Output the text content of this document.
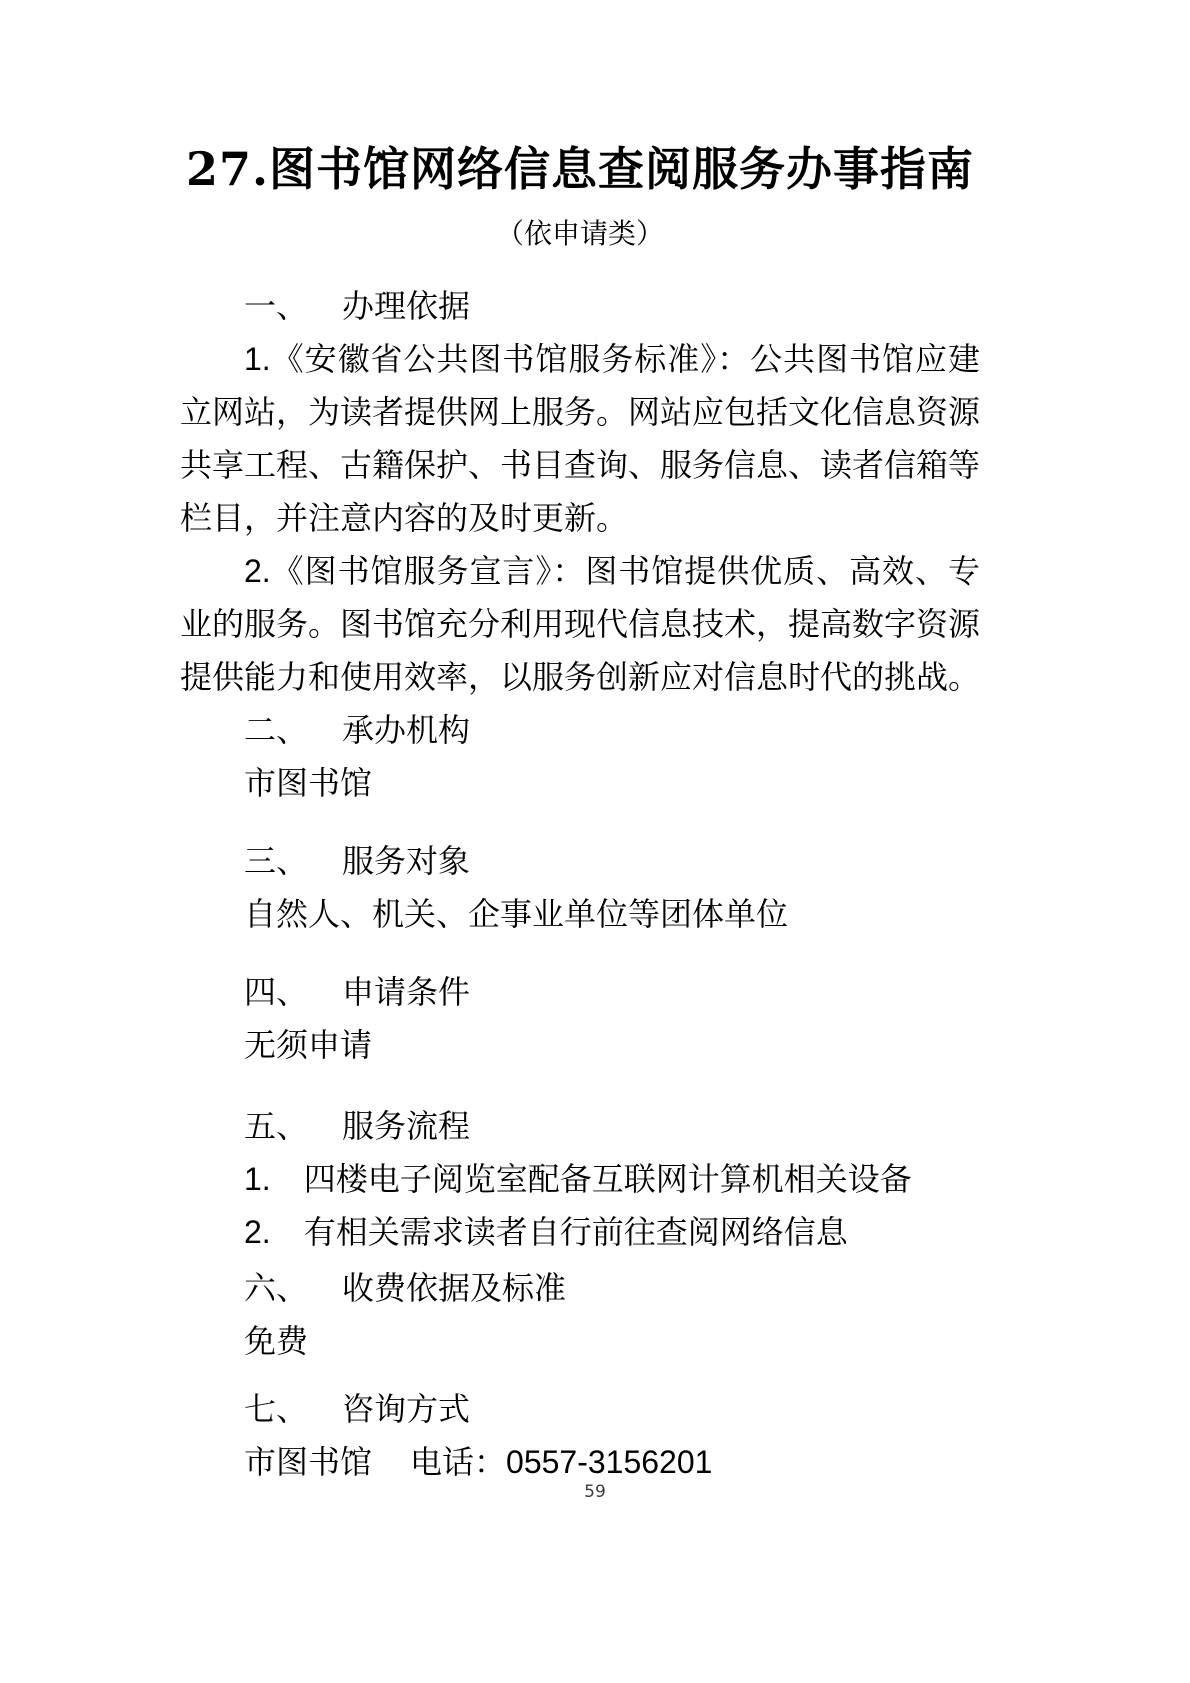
27.图书馆网络信息查阅服务办事指南
（依申请类）
一、 办理依据

1.《安徽省公共图书馆服务标准》：公共图书馆应建立网站，为读者提供网上服务。网站应包括文化信息资源共享工程、古籍保护、书目查询、服务信息、读者信箱等栏目，并注意内容的及时更新。

2.《图书馆服务宣言》：图书馆提供优质、高效、专业的服务。图书馆充分利用现代信息技术，提高数字资源提供能力和使用效率，以服务创新应对信息时代的挑战。

二、 承办机构
市图书馆
三、 服务对象
自然人、机关、企事业单位等团体单位
四、 申请条件
无须申请
五、 服务流程
1. 四楼电子阅览室配备互联网计算机相关设备
2. 有相关需求读者自行前往查阅网络信息
六、 收费依据及标准
免费
七、 咨询方式
市图书馆 电话：0557-3156201
59
